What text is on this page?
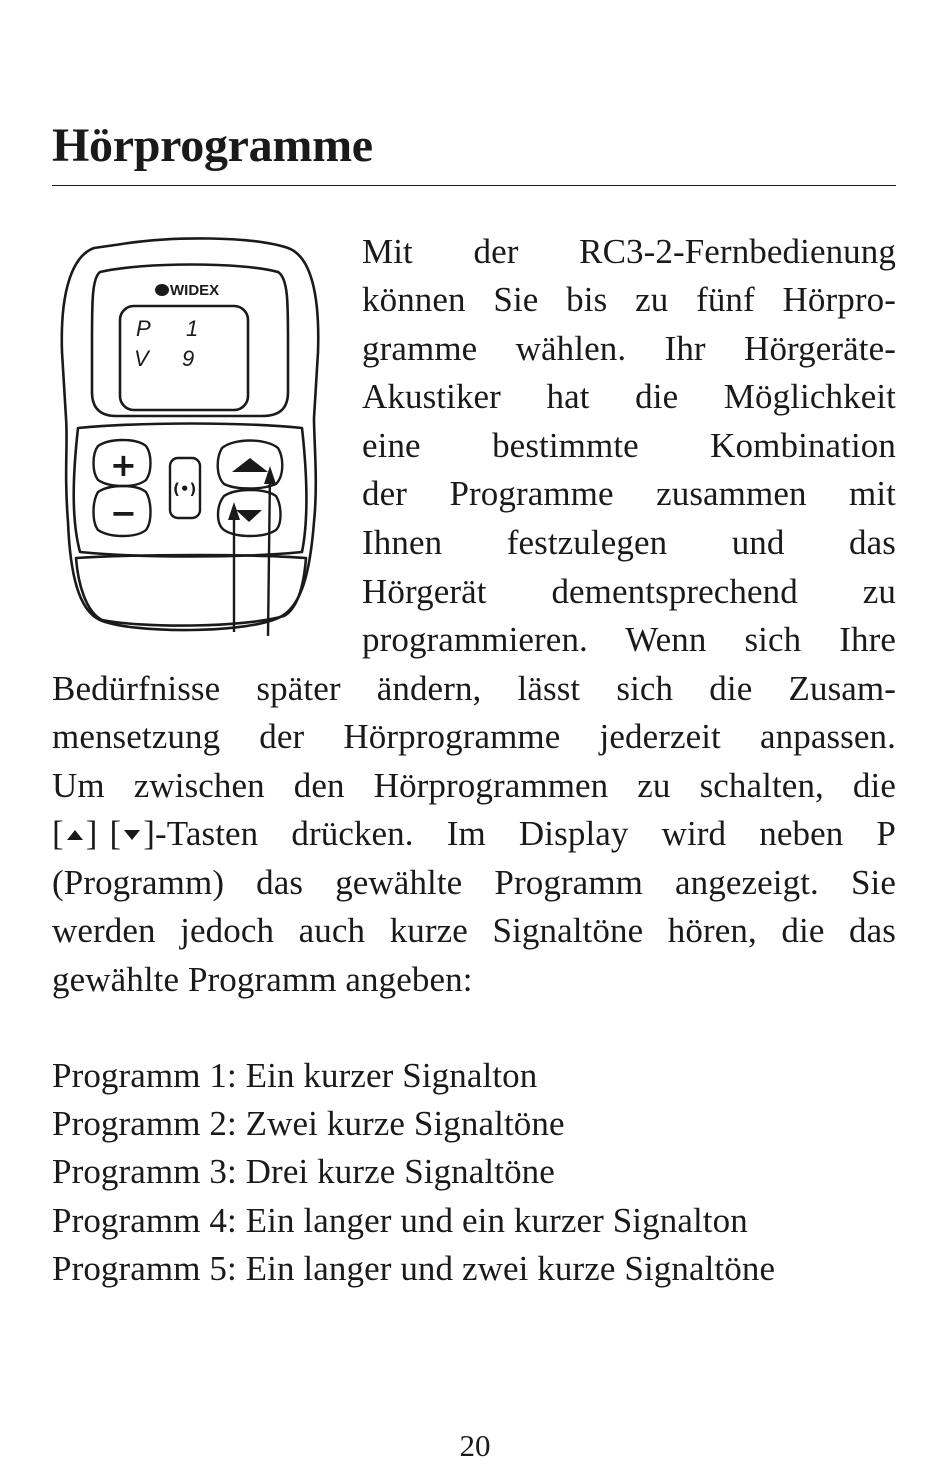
Hörprogramme
WIDEX
P 1
V 9
+
−
(•)
Mit der RC3-2-Fernbedienung
können Sie bis zu fünf Hörpro-
gramme wählen. Ihr Hörgeräte-
Akustiker hat die Möglichkeit
eine bestimmte Kombination
der Programme zusammen mit
Ihnen festzulegen und das
Hörgerät dementsprechend zu
programmieren. Wenn sich Ihre
Bedürfnisse später ändern, lässt sich die Zusam-
mensetzung der Hörprogramme jederzeit anpassen.
Um zwischen den Hörprogrammen zu schalten, die
[ ] [ ]-Tasten drücken. Im Display wird neben P
(Programm) das gewählte Programm angezeigt. Sie
werden jedoch auch kurze Signaltöne hören, die das
gewählte Programm angeben:
Programm 1: Ein kurzer Signalton
Programm 2: Zwei kurze Signaltöne
Programm 3: Drei kurze Signaltöne
Programm 4: Ein langer und ein kurzer Signalton
Programm 5: Ein langer und zwei kurze Signaltöne
20
